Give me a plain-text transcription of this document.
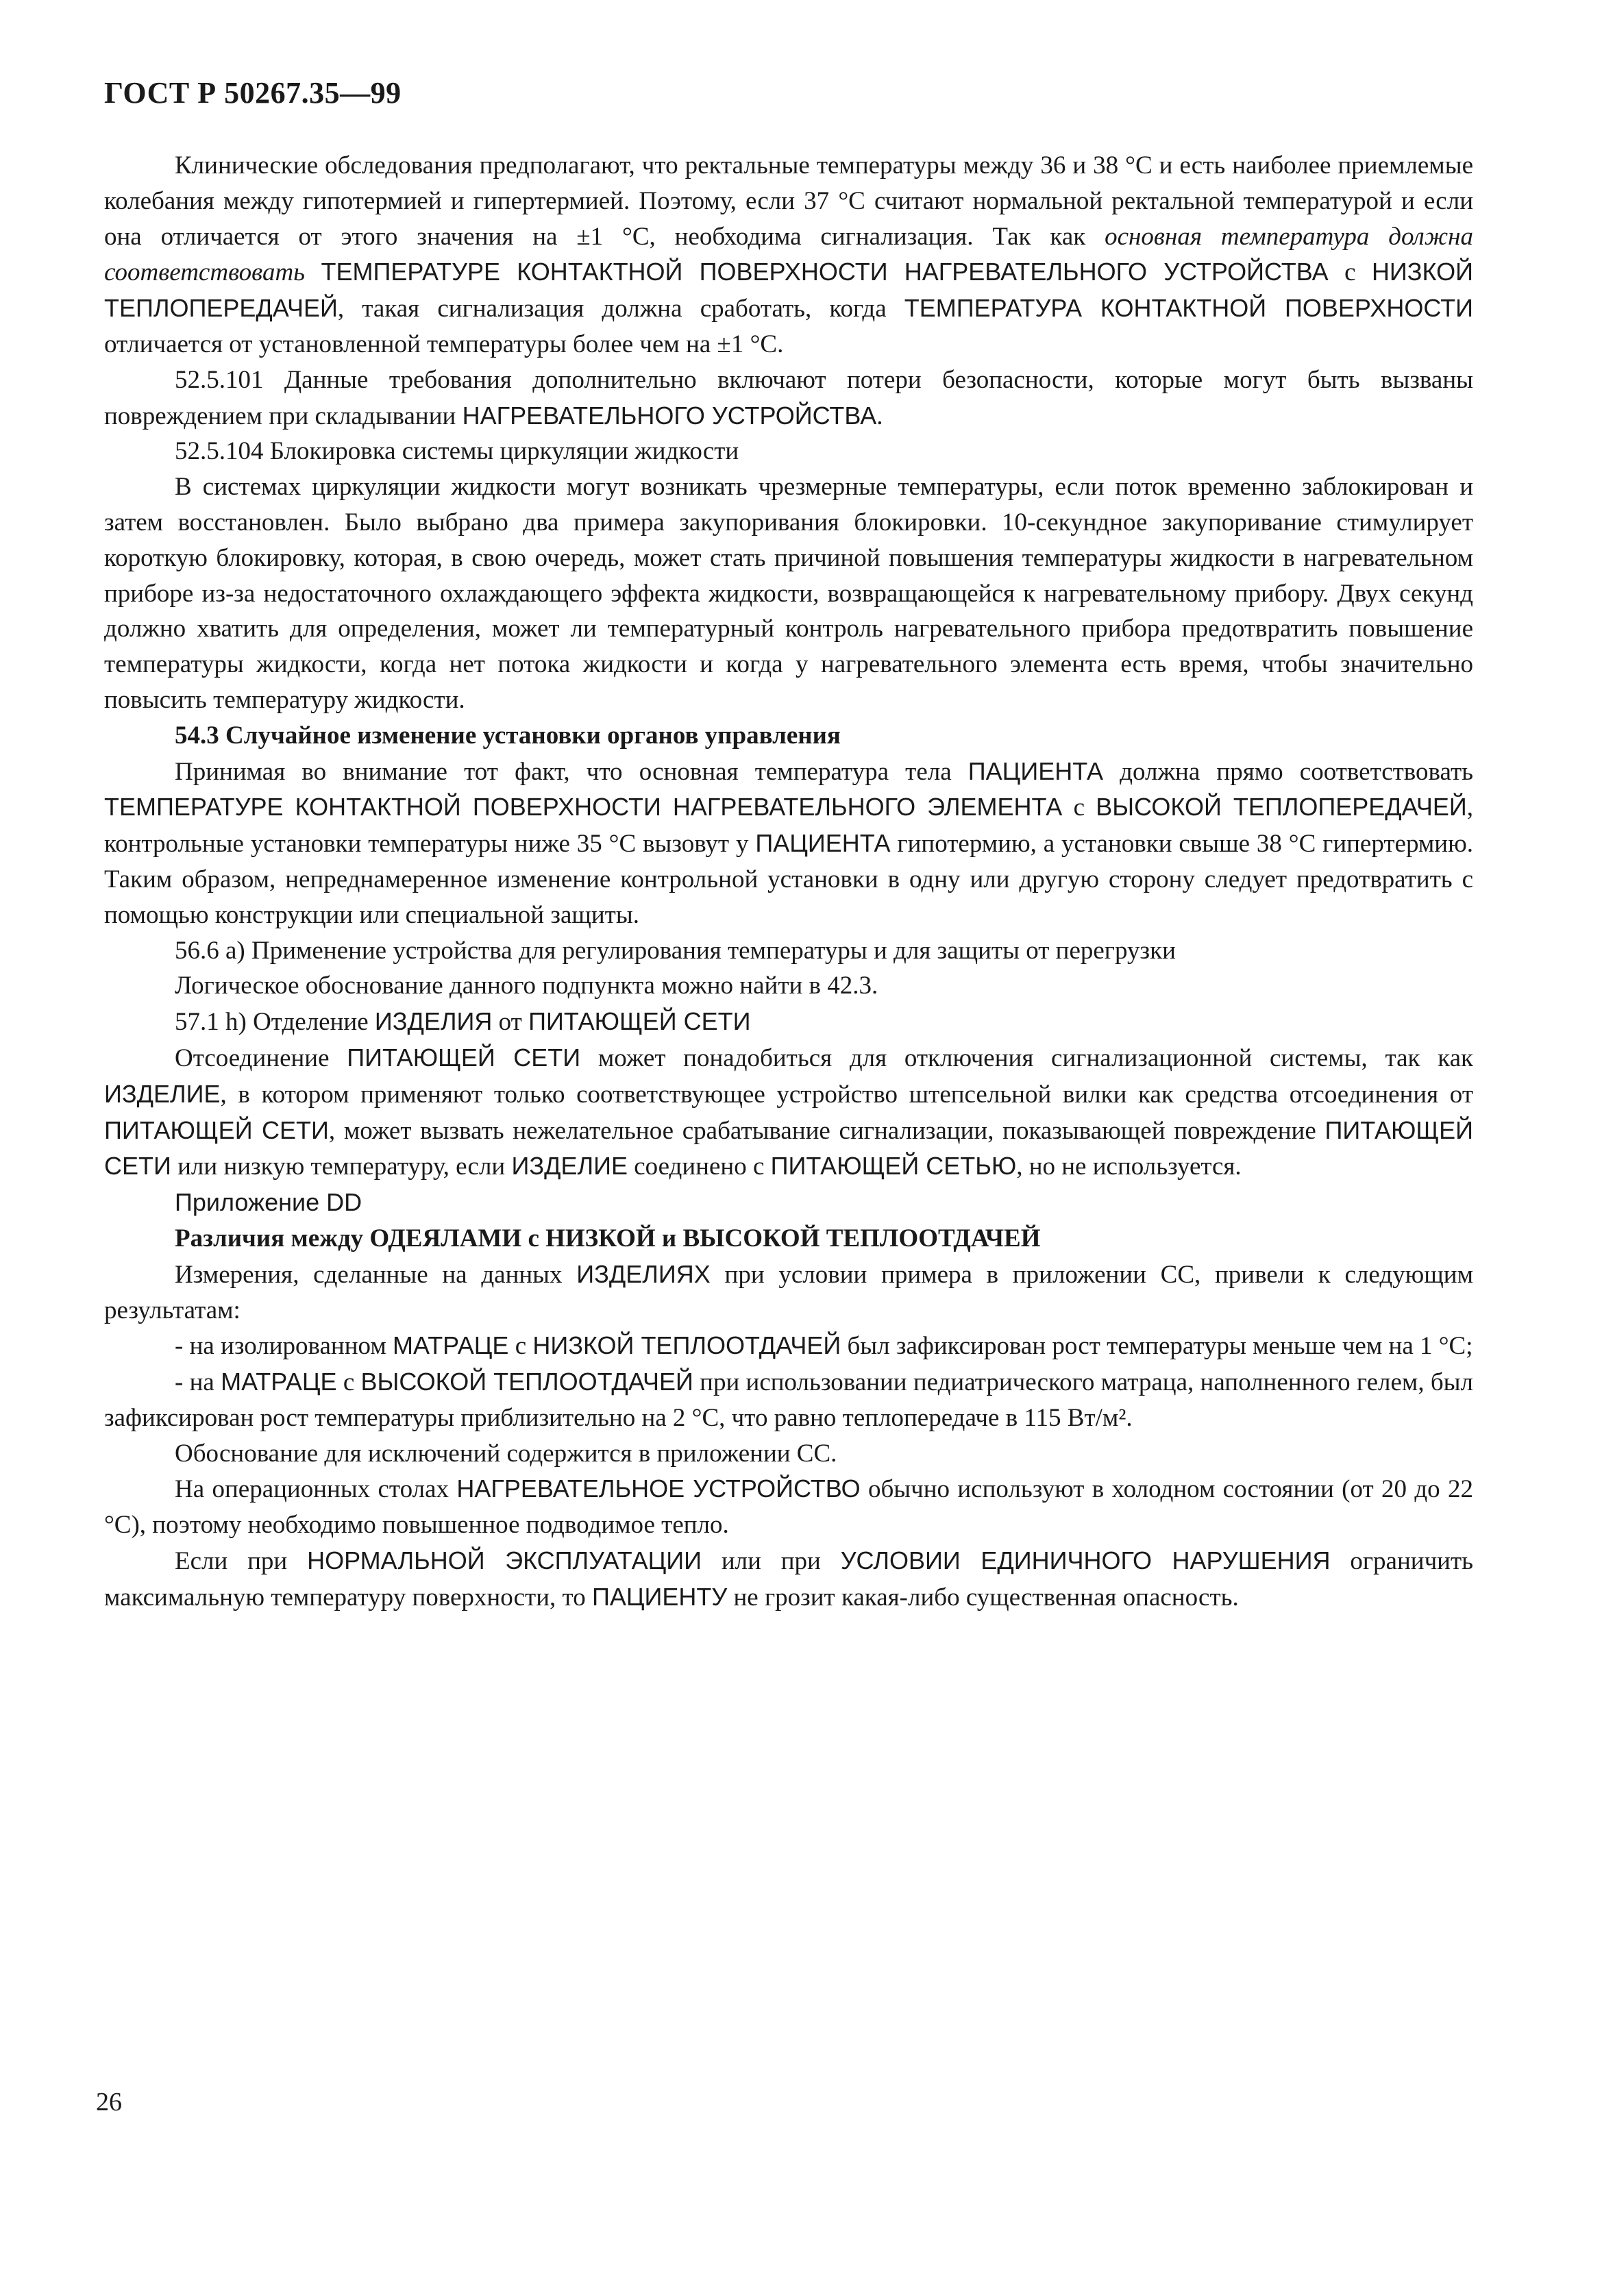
ГОСТ Р 50267.35—99

Клинические обследования предполагают, что ректальные температуры между 36 и 38 °С и есть наиболее приемлемые колебания между гипотермией и гипертермией. Поэтому, если 37 °С считают нормальной ректальной температурой и если она отличается от этого значения на ±1 °С, необходима сигнализация. Так как основная температура должна соответствовать ТЕМПЕРАТУРЕ КОНТАКТНОЙ ПОВЕРХНОСТИ НАГРЕВАТЕЛЬНОГО УСТРОЙСТВА с НИЗКОЙ ТЕПЛОПЕРЕДАЧЕЙ, такая сигнализация должна сработать, когда ТЕМПЕРАТУРА КОНТАКТНОЙ ПОВЕРХНОСТИ отличается от установленной температуры более чем на ±1 °С.

52.5.101 Данные требования дополнительно включают потери безопасности, которые могут быть вызваны повреждением при складывании НАГРЕВАТЕЛЬНОГО УСТРОЙСТВА.

52.5.104 Блокировка системы циркуляции жидкости

В системах циркуляции жидкости могут возникать чрезмерные температуры, если поток временно заблокирован и затем восстановлен. Было выбрано два примера закупоривания блокировки. 10-секундное закупоривание стимулирует короткую блокировку, которая, в свою очередь, может стать причиной повышения температуры жидкости в нагревательном приборе из-за недостаточного охлаждающего эффекта жидкости, возвращающейся к нагревательному прибору. Двух секунд должно хватить для определения, может ли температурный контроль нагревательного прибора предотвратить повышение температуры жидкости, когда нет потока жидкости и когда у нагревательного элемента есть время, чтобы значительно повысить температуру жидкости.

54.3 Случайное изменение установки органов управления

Принимая во внимание тот факт, что основная температура тела ПАЦИЕНТА должна прямо соответствовать ТЕМПЕРАТУРЕ КОНТАКТНОЙ ПОВЕРХНОСТИ НАГРЕВАТЕЛЬНОГО ЭЛЕМЕНТА с ВЫСОКОЙ ТЕПЛОПЕРЕДАЧЕЙ, контрольные установки температуры ниже 35 °С вызовут у ПАЦИЕНТА гипотермию, а установки свыше 38 °С гипертермию. Таким образом, непреднамеренное изменение контрольной установки в одну или другую сторону следует предотвратить с помощью конструкции или специальной защиты.

56.6 а) Применение устройства для регулирования температуры и для защиты от перегрузки

Логическое обоснование данного подпункта можно найти в 42.3.

57.1 h) Отделение ИЗДЕЛИЯ от ПИТАЮЩЕЙ СЕТИ

Отсоединение ПИТАЮЩЕЙ СЕТИ может понадобиться для отключения сигнализационной системы, так как ИЗДЕЛИЕ, в котором применяют только соответствующее устройство штепсельной вилки как средства отсоединения от ПИТАЮЩЕЙ СЕТИ, может вызвать нежелательное срабатывание сигнализации, показывающей повреждение ПИТАЮЩЕЙ СЕТИ или низкую температуру, если ИЗДЕЛИЕ соединено с ПИТАЮЩЕЙ СЕТЬЮ, но не используется.

Приложение DD

Различия между ОДЕЯЛАМИ с НИЗКОЙ и ВЫСОКОЙ ТЕПЛООТДАЧЕЙ

Измерения, сделанные на данных ИЗДЕЛИЯХ при условии примера в приложении СС, привели к следующим результатам:

- на изолированном МАТРАЦЕ с НИЗКОЙ ТЕПЛООТДАЧЕЙ был зафиксирован рост температуры меньше чем на 1 °С;

- на МАТРАЦЕ с ВЫСОКОЙ ТЕПЛООТДАЧЕЙ при использовании педиатрического матраца, наполненного гелем, был зафиксирован рост температуры приблизительно на 2 °С, что равно теплопередаче в 115 Вт/м².

Обоснование для исключений содержится в приложении СС.

На операционных столах НАГРЕВАТЕЛЬНОЕ УСТРОЙСТВО обычно используют в холодном состоянии (от 20 до 22 °С), поэтому необходимо повышенное подводимое тепло.

Если при НОРМАЛЬНОЙ ЭКСПЛУАТАЦИИ или при УСЛОВИИ ЕДИНИЧНОГО НАРУШЕНИЯ ограничить максимальную температуру поверхности, то ПАЦИЕНТУ не грозит какая-либо существенная опасность.

26
